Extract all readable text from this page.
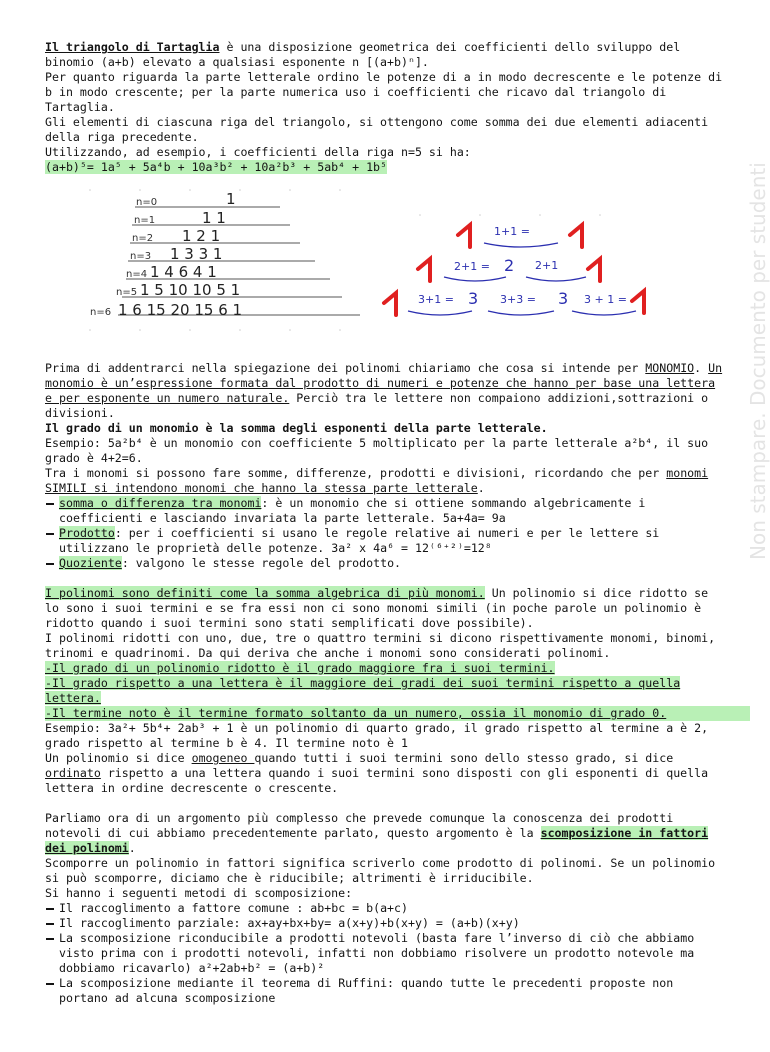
Il triangolo di Tartaglia è una disposizione geometrica dei coefficienti dello sviluppo del binomio (a+b) elevato a qualsiasi esponente n [(a+b)ⁿ].

Per quanto riguarda la parte letterale ordino le potenze di a in modo decrescente e le potenze di b in modo crescente; per la parte numerica uso i coefficienti che ricavo dal triangolo di Tartaglia.

Gli elementi di ciascuna riga del triangolo, si ottengono come somma dei due elementi adiacenti della riga precedente.

Utilizzando, ad esempio, i coefficienti della riga n=5 si ha:

(a+b)⁵= 1a⁵ + 5a⁴b + 10a³b² + 10a²b³ + 5ab⁴ + 1b⁵

Prima di addentrarci nella spiegazione dei polinomi chiariamo che cosa si intende per MONOMIO. Un monomio è un’espressione formata dal prodotto di numeri e potenze che hanno per base una lettera e per esponente un numero naturale. Perciò tra le lettere non compaiono addizioni,sottrazioni o divisioni.

Il grado di un monomio è la somma degli esponenti della parte letterale.

Esempio: 5a²b⁴ è un monomio con coefficiente 5 moltiplicato per la parte letterale a²b⁴, il suo grado è 4+2=6.

Tra i monomi si possono fare somme, differenze, prodotti e divisioni, ricordando che per monomi SIMILI si intendono monomi che hanno la stessa parte letterale.

somma o differenza tra monomi: è un monomio che si ottiene sommando algebricamente i coefficienti e lasciando invariata la parte letterale. 5a+4a= 9a

Prodotto: per i coefficienti si usano le regole relative ai numeri e per le lettere si utilizzano le proprietà delle potenze. 3a² x 4a⁶ = 12⁽⁶⁺²⁾=12⁸

Quoziente: valgono le stesse regole del prodotto.

I polinomi sono definiti come la somma algebrica di più monomi. Un polinomio si dice ridotto se lo sono i suoi termini e se fra essi non ci sono monomi simili (in poche parole un polinomio è ridotto quando i suoi termini sono stati semplificati dove possibile).

I polinomi ridotti con uno, due, tre o quattro termini si dicono rispettivamente monomi, binomi, trinomi e quadrinomi. Da qui deriva che anche i monomi sono considerati polinomi.

-Il grado di un polinomio ridotto è il grado maggiore fra i suoi termini.

-Il grado rispetto a una lettera è il maggiore dei gradi dei suoi termini rispetto a quella lettera.

-Il termine noto è il termine formato soltanto da un numero, ossia il monomio di grado 0.

Esempio: 3a²+ 5b⁴+ 2ab³ + 1 è un polinomio di quarto grado, il grado rispetto al termine a è 2, grado rispetto al termine b è 4. Il termine noto è 1

Un polinomio si dice omogeneo quando tutti i suoi termini sono dello stesso grado, si dice ordinato rispetto a una lettera quando i suoi termini sono disposti con gli esponenti di quella lettera in ordine decrescente o crescente.

Parliamo ora di un argomento più complesso che prevede comunque la conoscenza dei prodotti notevoli di cui abbiamo precedentemente parlato, questo argomento è la scomposizione in fattori dei polinomi.

Scomporre un polinomio in fattori significa scriverlo come prodotto di polinomi. Se un polinomio si può scomporre, diciamo che è riducibile; altrimenti è irriducibile.

Si hanno i seguenti metodi di scomposizione:

Il raccoglimento a fattore comune : ab+bc = b(a+c)

Il raccoglimento parziale: ax+ay+bx+by= a(x+y)+b(x+y) = (a+b)(x+y)

La scomposizione riconducibile a prodotti notevoli (basta fare l’inverso di ciò che abbiamo visto prima con i prodotti notevoli, infatti non dobbiamo risolvere un prodotto notevole ma dobbiamo ricavarlo) a²+2ab+b² = (a+b)²

La scomposizione mediante il teorema di Ruffini: quando tutte le precedenti proposte non portano ad alcuna scomposizione

n=0
n=1
n=2
n=3
n=4
n=5
n=6
1
1 1
1 2 1
1 3 3 1
1 4 6 4 1
1 5 10 10 5 1
1 6 15 20 15 6 1
1+1 =
2+1 = 2 2+1
3+1 = 3 3+3 = 3 3 + 1 =	Non stampare. Documento per studenti
